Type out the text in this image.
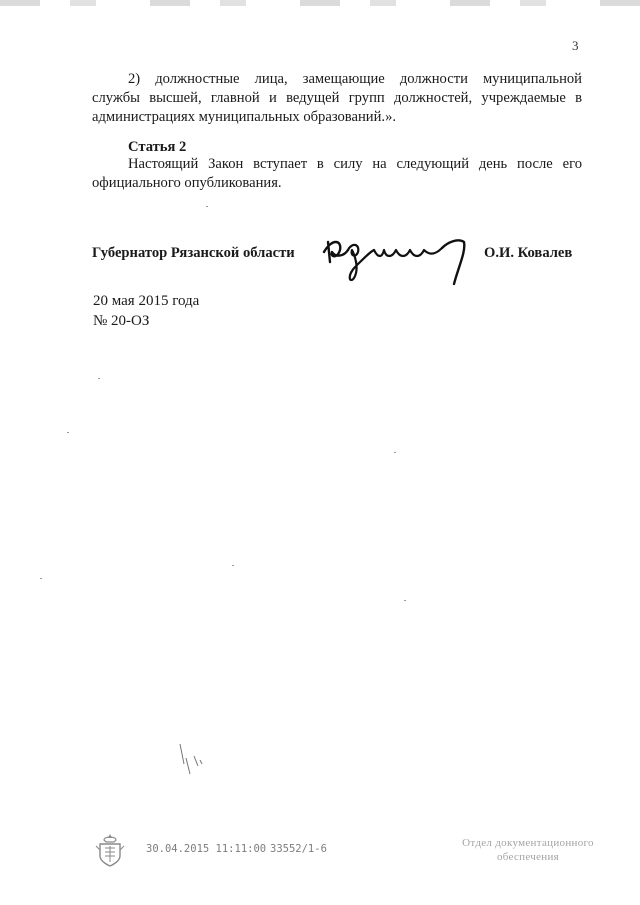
3
2) должностные лица, замещающие должности муниципальной
службы высшей, главной и ведущей групп должностей, учреждаемые в
администрациях муниципальных образований.».
Статья 2
Настоящий Закон вступает в силу на следующий день после его
официального опубликования.
Губернатор Рязанской области	О.И. Ковалев
20 мая 2015 года
№ 20-ОЗ
30.04.2015 11:11:00 33552/1-6	Отдел документационного
обеспечения
